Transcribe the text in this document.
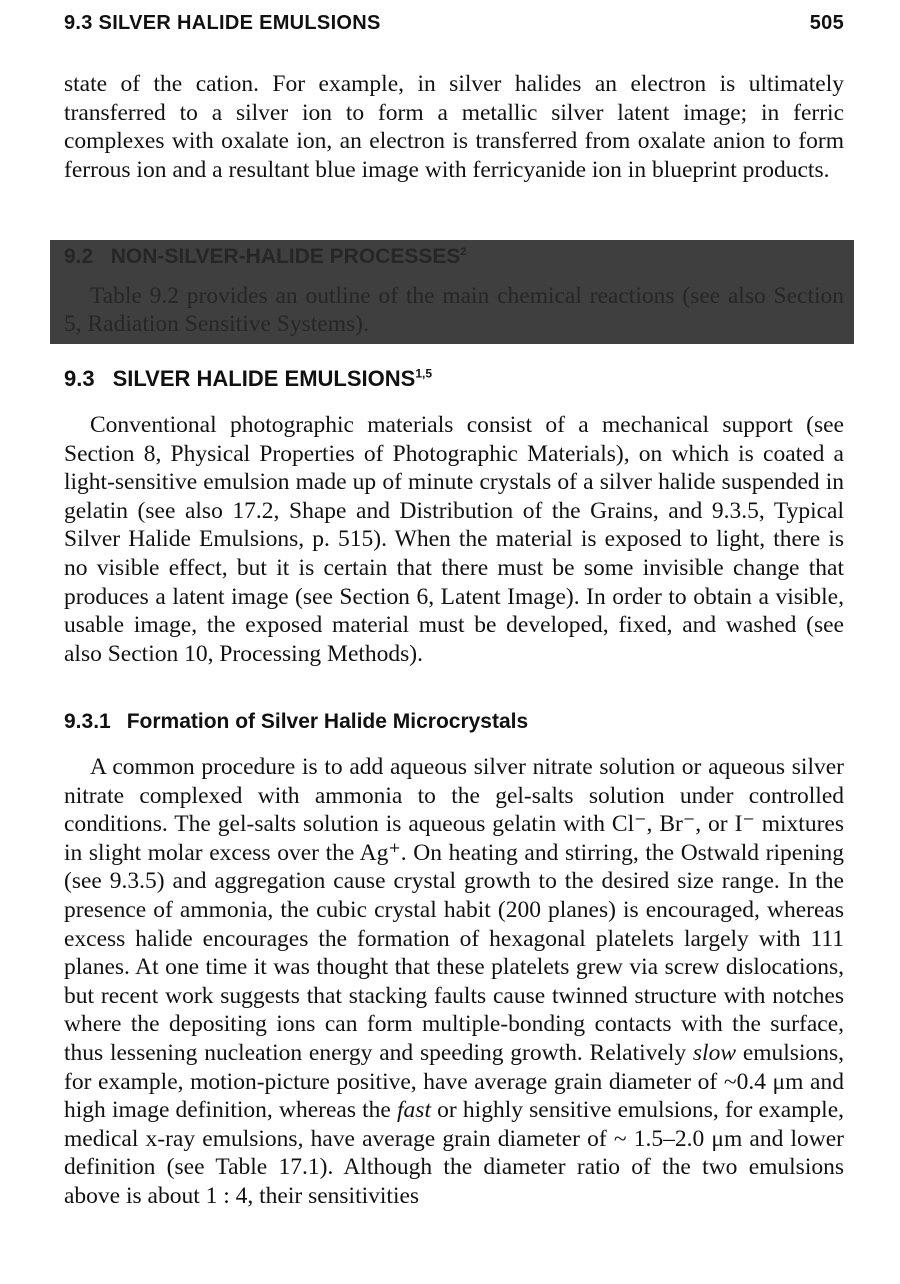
9.3 SILVER HALIDE EMULSIONS	505

state of the cation. For example, in silver halides an electron is ultimately transferred to a silver ion to form a metallic silver latent image; in ferric complexes with oxalate ion, an electron is transferred from oxalate anion to form ferrous ion and a resultant blue image with ferricyanide ion in blueprint products.

9.2 NON-SILVER-HALIDE PROCESSES$^2$

Table 9.2 provides an outline of the main chemical reactions (see also Section 5, Radiation Sensitive Systems).

9.3 SILVER HALIDE EMULSIONS$^{1,5}$

Conventional photographic materials consist of a mechanical support (see Section 8, Physical Properties of Photographic Materials), on which is coated a light-sensitive emulsion made up of minute crystals of a silver halide suspended in gelatin (see also 17.2, Shape and Distribution of the Grains, and 9.3.5, Typical Silver Halide Emulsions, p. 515). When the material is exposed to light, there is no visible effect, but it is certain that there must be some invisible change that produces a latent image (see Section 6, Latent Image). In order to obtain a visible, usable image, the exposed material must be developed, fixed, and washed (see also Section 10, Processing Methods).

9.3.1 Formation of Silver Halide Microcrystals

A common procedure is to add aqueous silver nitrate solution or aqueous silver nitrate complexed with ammonia to the gel-salts solution under controlled conditions. The gel-salts solution is aqueous gelatin with Cl⁻, Br⁻, or I⁻ mixtures in slight molar excess over the Ag⁺. On heating and stirring, the Ostwald ripening (see 9.3.5) and aggregation cause crystal growth to the desired size range. In the presence of ammonia, the cubic crystal habit (200 planes) is encouraged, whereas excess halide encourages the formation of hexagonal platelets largely with 111 planes. At one time it was thought that these platelets grew via screw dislocations, but recent work suggests that stacking faults cause twinned structure with notches where the depositing ions can form multiple-bonding contacts with the surface, thus lessening nucleation energy and speeding growth. Relatively slow emulsions, for example, motion-picture positive, have average grain diameter of ~0.4 μm and high image definition, whereas the fast or highly sensitive emulsions, for example, medical x-ray emulsions, have average grain diameter of ~ 1.5–2.0 μm and lower definition (see Table 17.1). Although the diameter ratio of the two emulsions above is about 1 : 4, their sensitivities
